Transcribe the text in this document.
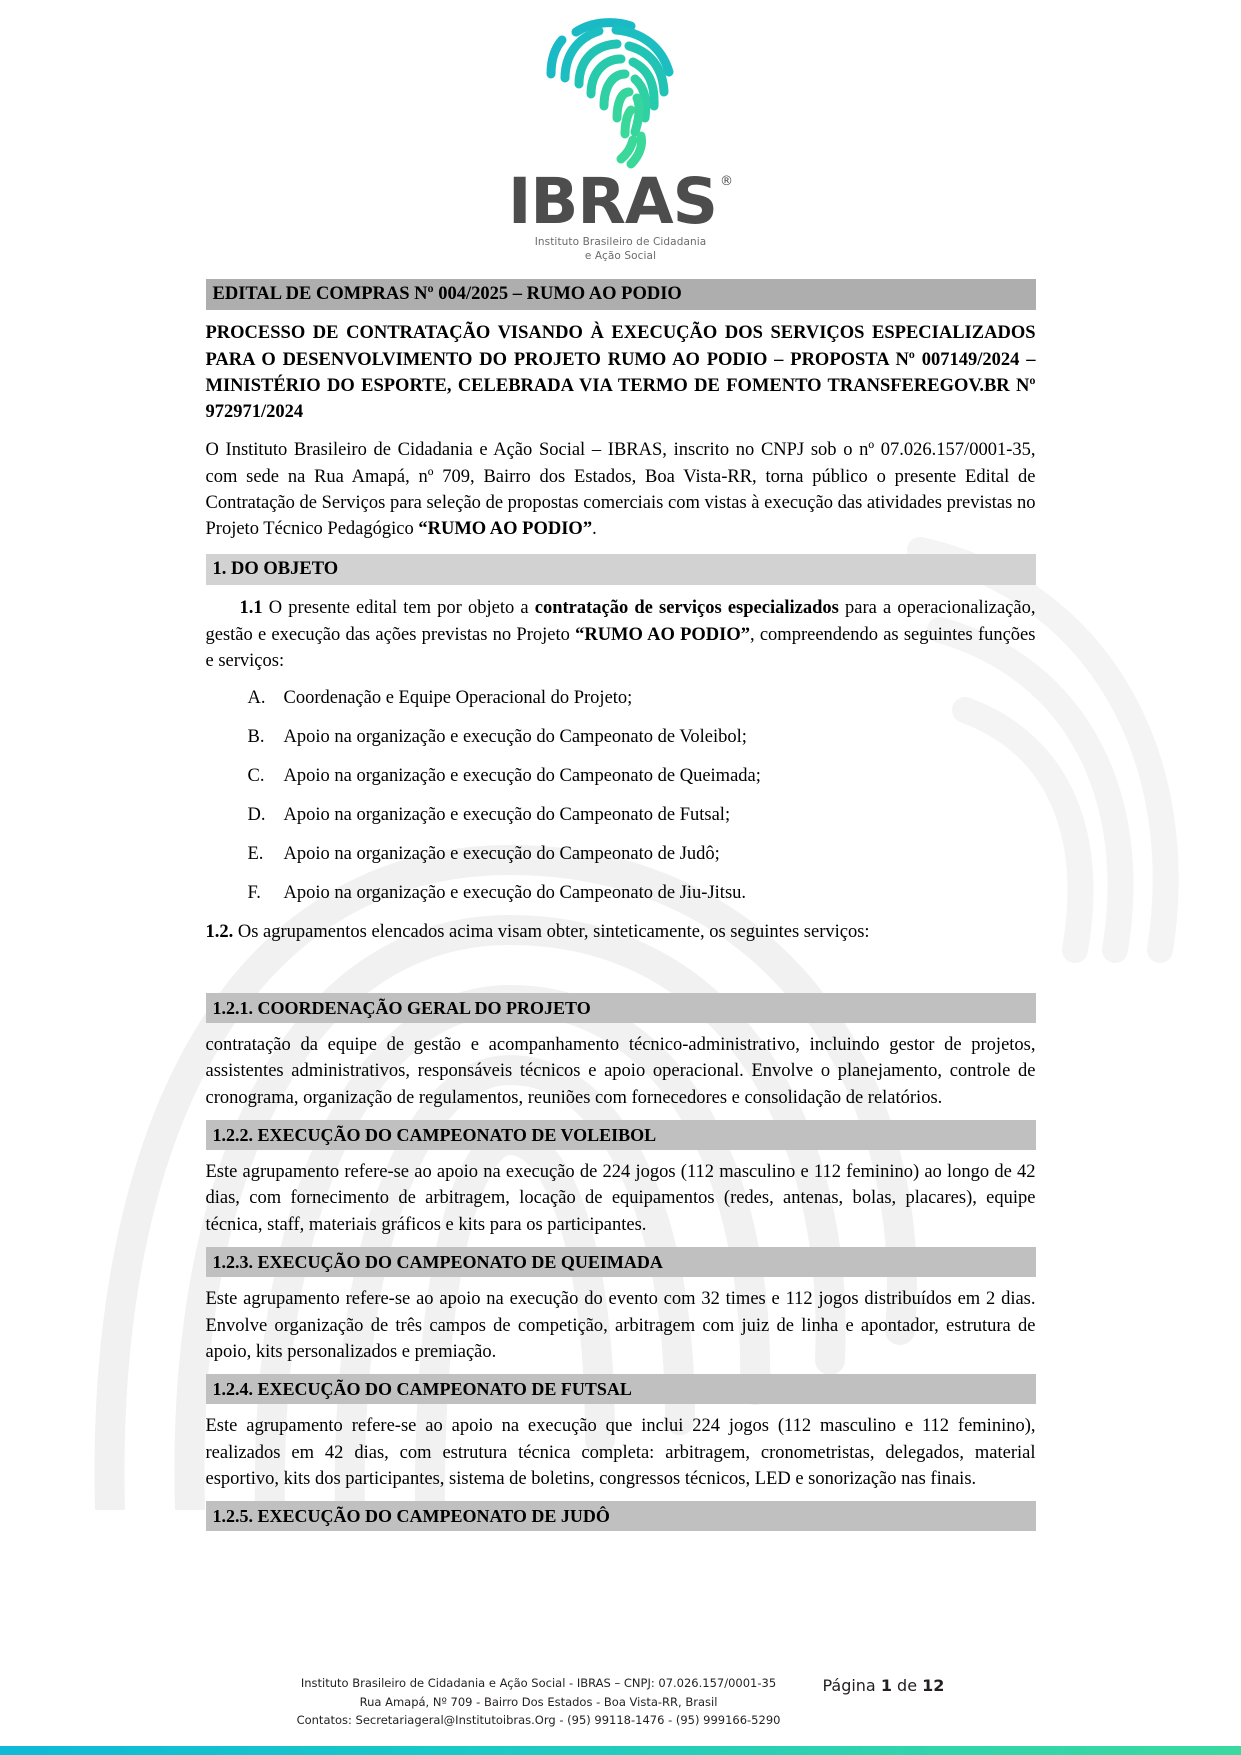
IBRAS ®
Instituto Brasileiro de Cidadania
e Ação Social
EDITAL DE COMPRAS Nº 004/2025 – RUMO AO PODIO

PROCESSO DE CONTRATAÇÃO VISANDO À EXECUÇÃO DOS SERVIÇOS ESPECIALIZADOS PARA O DESENVOLVIMENTO DO PROJETO RUMO AO PODIO – PROPOSTA Nº 007149/2024 – MINISTÉRIO DO ESPORTE, CELEBRADA VIA TERMO DE FOMENTO TRANSFEREGOV.BR Nº 972971/2024

O Instituto Brasileiro de Cidadania e Ação Social – IBRAS, inscrito no CNPJ sob o nº 07.026.157/0001-35, com sede na Rua Amapá, nº 709, Bairro dos Estados, Boa Vista-RR, torna público o presente Edital de Contratação de Serviços para seleção de propostas comerciais com vistas à execução das atividades previstas no Projeto Técnico Pedagógico “RUMO AO PODIO”.

1. DO OBJETO

1.1 O presente edital tem por objeto a contratação de serviços especializados para a operacionalização, gestão e execução das ações previstas no Projeto “RUMO AO PODIO”, compreendendo as seguintes funções e serviços:

A. Coordenação e Equipe Operacional do Projeto;
B.	Apoio na organização e execução do Campeonato de Voleibol;
C.	Apoio na organização e execução do Campeonato de Queimada;
D. Apoio na organização e execução do Campeonato de Futsal;
E.	Apoio na organização e execução do Campeonato de Judô;
F.	Apoio na organização e execução do Campeonato de Jiu-Jitsu.

1.2. Os agrupamentos elencados acima visam obter, sinteticamente, os seguintes serviços:

1.2.1. COORDENAÇÃO GERAL DO PROJETO

contratação da equipe de gestão e acompanhamento técnico-administrativo, incluindo gestor de projetos, assistentes administrativos, responsáveis técnicos e apoio operacional. Envolve o planejamento, controle de cronograma, organização de regulamentos, reuniões com fornecedores e consolidação de relatórios.

1.2.2. EXECUÇÃO DO CAMPEONATO DE VOLEIBOL

Este agrupamento refere-se ao apoio na execução de 224 jogos (112 masculino e 112 feminino) ao longo de 42 dias, com fornecimento de arbitragem, locação de equipamentos (redes, antenas, bolas, placares), equipe técnica, staff, materiais gráficos e kits para os participantes.

1.2.3. EXECUÇÃO DO CAMPEONATO DE QUEIMADA

Este agrupamento refere-se ao apoio na execução do evento com 32 times e 112 jogos distribuídos em 2 dias. Envolve organização de três campos de competição, arbitragem com juiz de linha e apontador, estrutura de apoio, kits personalizados e premiação.

1.2.4. EXECUÇÃO DO CAMPEONATO DE FUTSAL

Este agrupamento refere-se ao apoio na execução que inclui 224 jogos (112 masculino e 112 feminino), realizados em 42 dias, com estrutura técnica completa: arbitragem, cronometristas, delegados, material esportivo, kits dos participantes, sistema de boletins, congressos técnicos, LED e sonorização nas finais.

1.2.5. EXECUÇÃO DO CAMPEONATO DE JUDÔ
Instituto Brasileiro de Cidadania e Ação Social - IBRAS – CNPJ: 07.026.157/0001-35
Rua Amapá, Nº 709 - Bairro Dos Estados - Boa Vista-RR, Brasil
Contatos: Secretariageral@Institutoibras.Org - (95) 99118-1476 - (95) 999166-5290
Página 1 de 12
